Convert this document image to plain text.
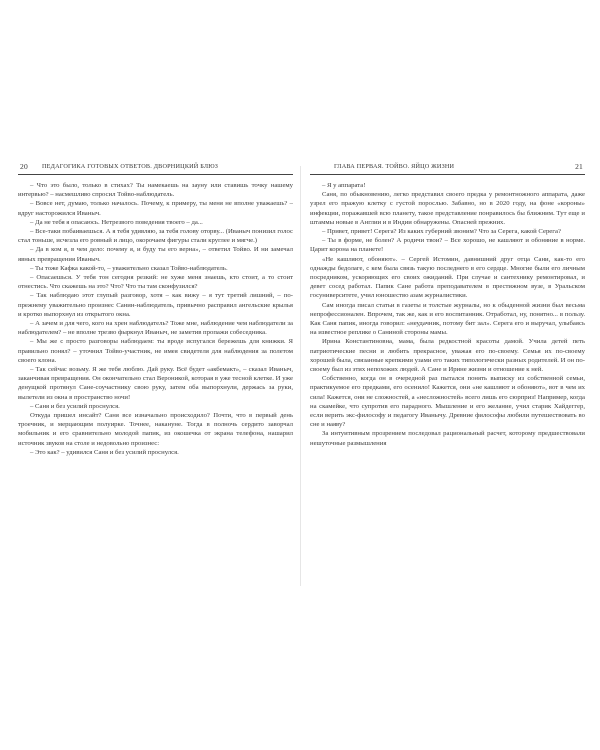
20 ПЕДАГОГИКА ГОТОВЫХ ОТВЕТОВ. ДВОРНИЦКИЙ БЛЮЗ

– Что это было, только в стихах? Ты намекаешь на зауну или ставишь точку нашему интервью? – насмешливо спросил Тойво-наблюдатель.

– Вовсе нет, думаю, только началось. Почему, к примеру, ты меня не вполне уважаешь? – вдруг насторожился Иваныч.

– Да не тебя я опасаюсь. Нетрезвого поведения твоего – да...

– Все-таки побаиваешься. А я тебя удивляю, за тебя голову оторву... (Иваныч понизил голос стал тоньше, исчезла его ровный и лицо, окорочаем фигуры стали круглее и мягче.)

– Да в ком я, в чем дело: почему я, и буду ты его верна», – ответил Тойво. И ни замечал явных превращения Иваныч.

– Ты тоже Кафка какой-то, – уважительно сказал Тойво-наблюдатель.

– Опасаешься. У тебя тон сегодня резкий: не хуже меня знаешь, кто стоит, а то стоит отнестись. Что скажешь на это? Что? Что ты там сконфузился?

– Так наблюдаю этот глупый разговор, хотя – как вижу – я тут третий лишний, – по-прежнему уважительно произнес Санин-наблюдатель, привычно расправил ангельские крылья и кротко выпорхнул из открытого окна.

– А зачем и для чего, кого на хрен наблюдатель? Тоже мне, наблюдение чем наблюдатели за наблюдателем? – не вполне трезво фыркнул Иваныч, не заметив пропажи собеседника.

– Мы же с просто разговоры наблюдаем: ты вроде испугался бережешь для книжки. Я правильно понял? – уточнил Тойво-участник, не имея свидетеля для наблюдения за полетом своего клона.

– Так сейчас возьму. Я же тебя люблю. Дай руку. Всё будет «акбемакт», – сказал Иваныч, заканчивая превращения. Он окончательно стал Вероникой, которая в уже тесной клетке. И уже денущкой протянул Сане-соучастнику свою руку, затем оба выпорхнули, держась за руки, вылетели из окна в пространство ночи!

– Саня и без усилий проснулся.

Откуда пришел инсайт? Саня все изначально происходило? Почти, что в первый день троечник, и мерцающим полуирке. Точнее, накануне. Тогда в полночь сердито заворчал мобильник и его сравнительно молодой папик, из окошечка от экрана телефона, нашарил источник звуков на столе и недовольно произнес:

– Это как? – удивился Саня и без усилий проснулся.

ГЛАВА ПЕРВАЯ. ТОЙВО. ЯЙЦО ЖИЗНИ	21

– Я у аппарата!

Саня, по обыкновению, легко представил своего предка у ремонтножного аппарата, даже узрел его пражую клетку с густой порослью. Забавно, но в 2020 году, на фоне «короны» инфекции, поражавшей всю планету, такое представление понравилось бы ближним. Тут еще и штаммы новые в Англии и в Индии обнаружены. Опасней прежних.

– Привет, привет! Серега? Из каких губерний звоним? Что за Серега, какой Серега?

– Ты в форме, не болен? А родичи твои? – Все хорошо, не кашляют и обоняние в норме. Царит корона на планете!

«Не кашляют, обоняют». – Сергей Истомин, давнишний друг отца Сани, как-то его однажды бедолаге, с кем была связь такую последнего в его сердце. Многие были его личным посредником, ускоряющих его своих ожиданий. При случае и сантехнику ремонтировал, и девет сосед работал. Папик Сане работа преподавателем в престижном вузе, в Уральском госуниверситете, учил юношество азам журналистики.

Сам иногда писал статьи в газеты и толстые журналы, но к обыденной жизни был весьма непрофессионален. Впрочем, так же, как и его воспитанник. Отработал, ну, понятно... в пользу. Как Саня папик, иногда говорил: «неудачник, потому бит зал». Серега его и выручал, улыбаясь на известное реплике о Саниной стороны мамы.

Ирина Константиновна, мама, была редкостной красоты дамой. Учила детей петь патриотические песни и любить прекрасное, уважая его по-своему. Семья их по-своему хорошей была, связанные крепкими узами его таких типологически разных родителей. И он по-своему был из этих непохожих людей. А Сане и Ирине жизни и отношение к ней.

Собственно, когда он в очередной раз пытался понять выписку из собственной семьи, практикуемое его предками, его осенило! Кажется, они «не кашляют и обоняют», вот в чем их сила! Кажется, они не сложностей, а «несложностей» всего лишь его сюрприз! Например, когда на скамейке, что супротив его парадного. Мышление и его желание, учил старик Хайдеггер, если верить экс-философу и педагогу Иванычу. Древние философы любили путешествовать во сне и наяву?

За интуитивным прозрением последовал рациональный расчет, которому предшествовали нешуточные размышления
